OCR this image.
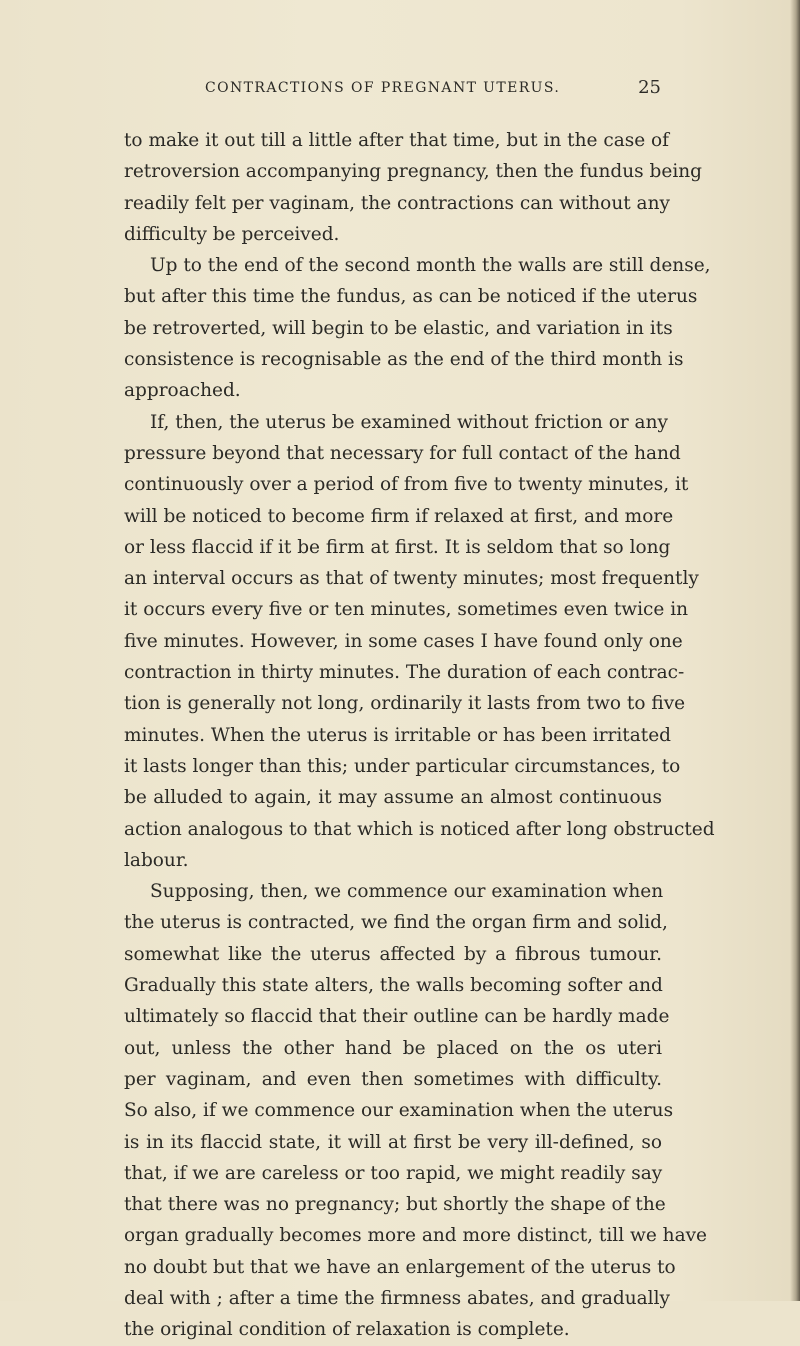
CONTRACTIONS OF PREGNANT UTERUS.	25
to make it out till a little after that time, but in the case of
retroversion accompanying pregnancy, then the fundus being
readily felt per vaginam, the contractions can without any
difficulty be perceived.
Up to the end of the second month the walls are still dense,
but after this time the fundus, as can be noticed if the uterus
be retroverted, will begin to be elastic, and variation in its
consistence is recognisable as the end of the third month is
approached.
If, then, the uterus be examined without friction or any
pressure beyond that necessary for full contact of the hand
continuously over a period of from five to twenty minutes, it
will be noticed to become firm if relaxed at first, and more
or less flaccid if it be firm at first. It is seldom that so long
an interval occurs as that of twenty minutes; most frequently
it occurs every five or ten minutes, sometimes even twice in
five minutes. However, in some cases I have found only one
contraction in thirty minutes. The duration of each contrac-
tion is generally not long, ordinarily it lasts from two to five
minutes. When the uterus is irritable or has been irritated
it lasts longer than this; under particular circumstances, to
be alluded to again, it may assume an almost continuous
action analogous to that which is noticed after long obstructed
labour.
Supposing, then, we commence our examination when
the uterus is contracted, we find the organ firm and solid,
somewhat like the uterus affected by a fibrous tumour.
Gradually this state alters, the walls becoming softer and
ultimately so flaccid that their outline can be hardly made
out, unless the other hand be placed on the os uteri
per vaginam, and even then sometimes with difficulty.
So also, if we commence our examination when the uterus
is in its flaccid state, it will at first be very ill-defined, so
that, if we are careless or too rapid, we might readily say
that there was no pregnancy; but shortly the shape of the
organ gradually becomes more and more distinct, till we have
no doubt but that we have an enlargement of the uterus to
deal with ; after a time the firmness abates, and gradually
the original condition of relaxation is complete.
